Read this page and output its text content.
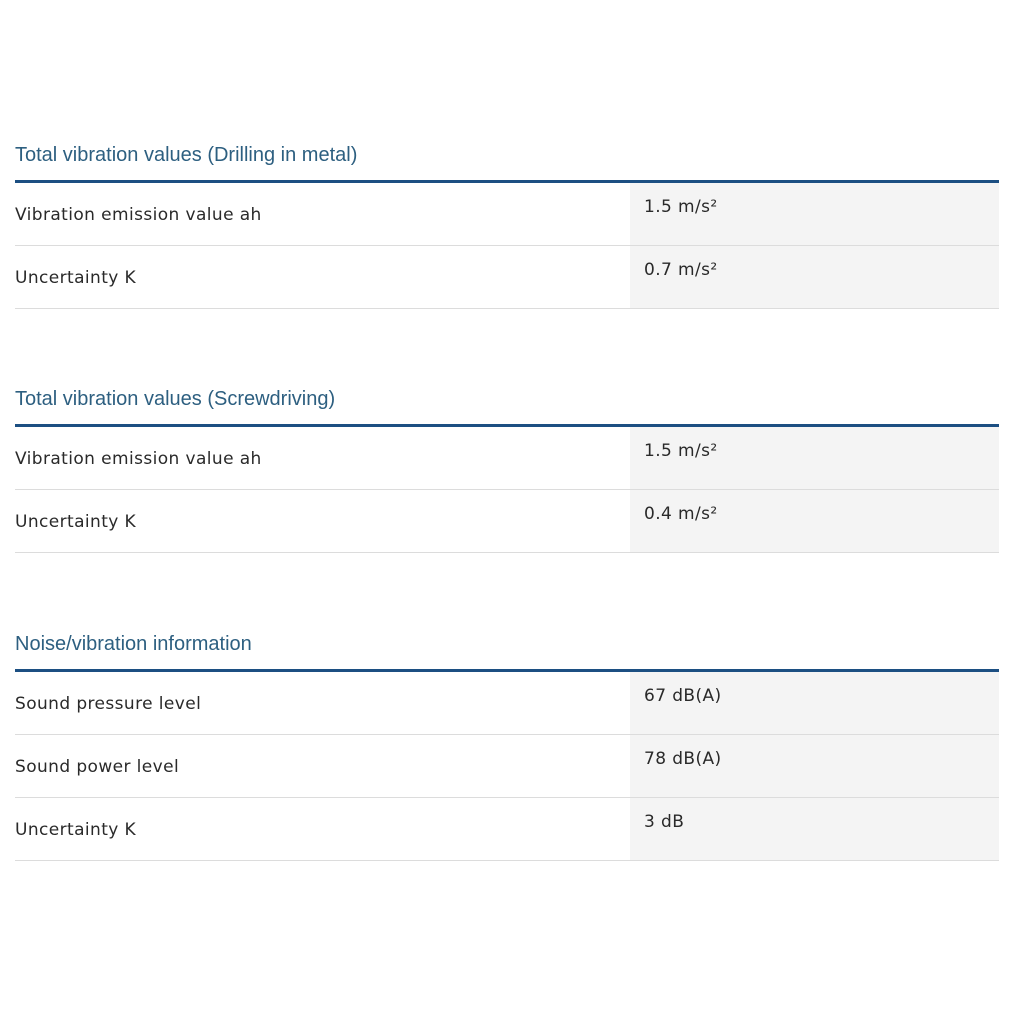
Total vibration values (Drilling in metal)
Vibration emission value ah	1.5 m/s²
Uncertainty K	0.7 m/s²
Total vibration values (Screwdriving)
Vibration emission value ah	1.5 m/s²
Uncertainty K	0.4 m/s²
Noise/vibration information
Sound pressure level	67 dB(A)
Sound power level	78 dB(A)
Uncertainty K	3 dB
